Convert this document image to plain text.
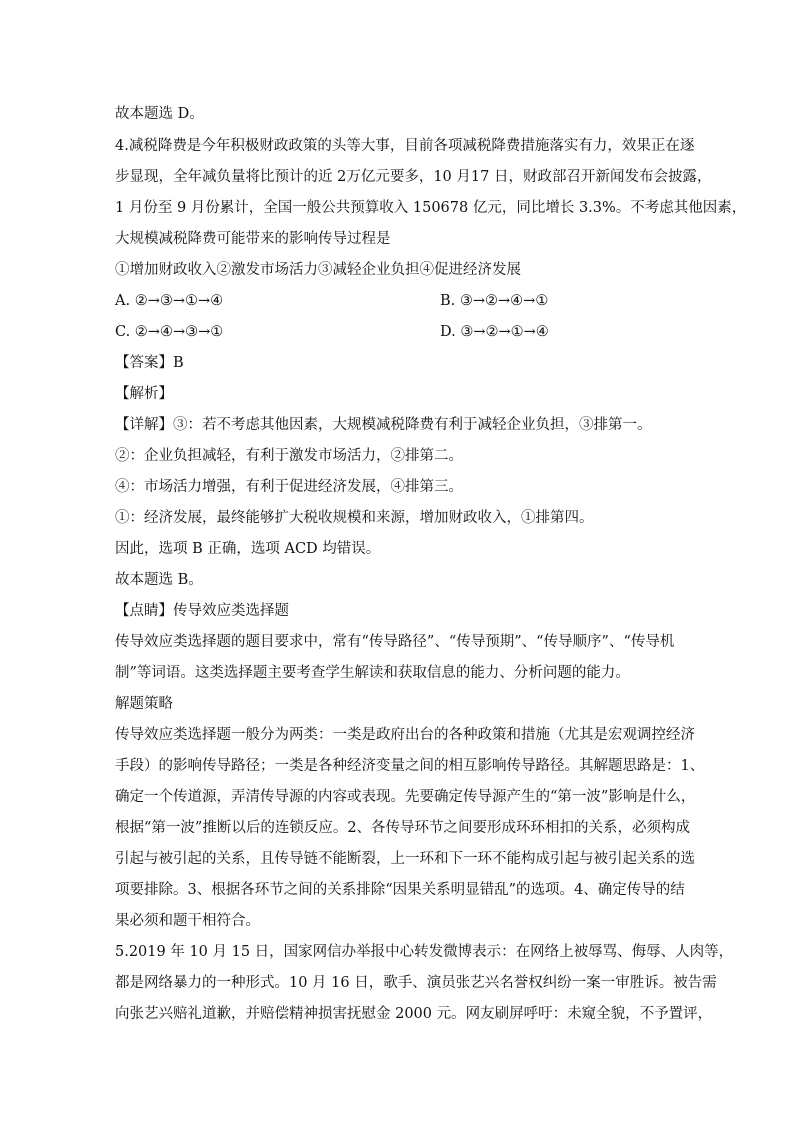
故本题选 D。
4.减税降费是今年积极财政政策的头等大事，目前各项减税降费措施落实有力，效果正在逐
步显现，全年减负量将比预计的近 2万亿元要多，10 月17 日，财政部召开新闻发布会披露，
1 月份至 9 月份累计，全国一般公共预算收入 150678 亿元，同比增长 3.3%。不考虑其他因素，
大规模减税降费可能带来的影响传导过程是
①增加财政收入②激发市场活力③减轻企业负担④促进经济发展
A. ②→③→①→④	B. ③→②→④→①
C. ②→④→③→①	D. ③→②→①→④
【答案】B
【解析】
【详解】③：若不考虑其他因素，大规模减税降费有利于减轻企业负担，③排第一。
②：企业负担减轻，有利于激发市场活力，②排第二。
④：市场活力增强，有利于促进经济发展，④排第三。
①：经济发展，最终能够扩大税收规模和来源，增加财政收入，①排第四。
因此，选项 B 正确，选项 ACD 均错误。
故本题选 B。
【点睛】传导效应类选择题
传导效应类选择题的题目要求中，常有“传导路径”、“传导预期”、“传导顺序”、“传导机
制”等词语。这类选择题主要考查学生解读和获取信息的能力、分析问题的能力。
解题策略
传导效应类选择题一般分为两类：一类是政府出台的各种政策和措施（尤其是宏观调控经济
手段）的影响传导路径；一类是各种经济变量之间的相互影响传导路径。其解题思路是：1、
确定一个传道源，弄清传导源的内容或表现。先要确定传导源产生的“第一波”影响是什么，
根据“第一波”推断以后的连锁反应。2、各传导环节之间要形成环环相扣的关系，必须构成
引起与被引起的关系，且传导链不能断裂，上一环和下一环不能构成引起与被引起关系的选
项要排除。3、根据各环节之间的关系排除“因果关系明显错乱”的选项。4、确定传导的结
果必须和题干相符合。
5.2019 年 10 月 15 日，国家网信办举报中心转发微博表示：在网络上被辱骂、侮辱、人肉等，
都是网络暴力的一种形式。10 月 16 日，歌手、演员张艺兴名誉权纠纷一案一审胜诉。被告需
向张艺兴赔礼道歉，并赔偿精神损害抚慰金 2000 元。网友刷屏呼吁：未窥全貌，不予置评，
